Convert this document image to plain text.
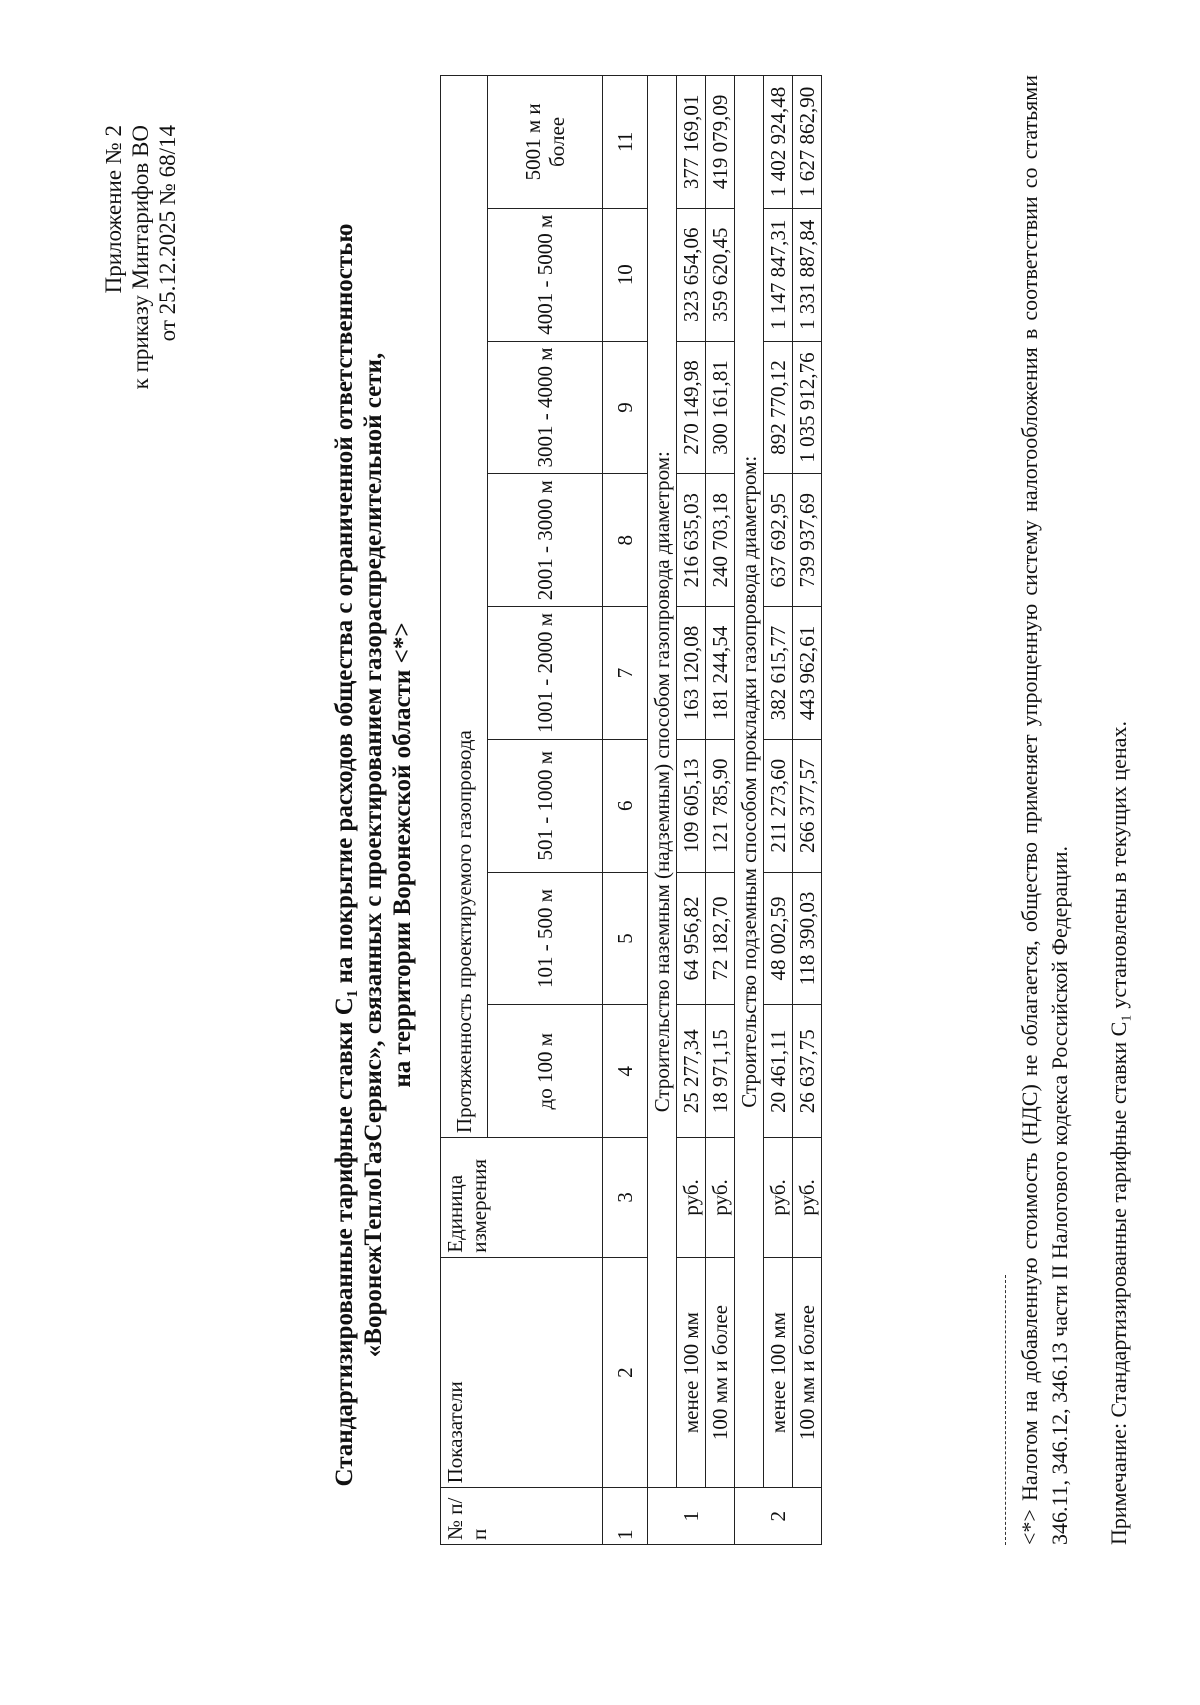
Приложение № 2 к приказу Минтарифов ВО от 25.12.2025 № 68/14	Стандартизированные тарифные ставки С₁ на покрытие расходов общества с ограниченной ответственностью «ВоронежТеплоГазСервис», связанных с проектированием газораспределительной сети, на территории Воронежской области <*>
№ п/п	Показатели	Единица измерения	Протяженность проектируемого газопровода							
			до 100 м	101 - 500 м	501 - 1000 м	1001 - 2000 м	2001 - 3000 м	3001 - 4000 м	4001 - 5000 м	5001 м и более
1	2	3	4	5	6	7	8	9	10	11
1	Строительство наземным (надземным) способом газопровода диаметром:									
	менее 100 мм	руб.	25 277,34	64 956,82	109 605,13	163 120,08	216 635,03	270 149,98	323 654,06	377 169,01
	100 мм и более	руб.	18 971,15	72 182,70	121 785,90	181 244,54	240 703,18	300 161,81	359 620,45	419 079,09
2	Строительство подземным способом прокладки газопровода диаметром:									
	менее 100 мм	руб.	20 461,11	48 002,59	211 273,60	382 615,77	637 692,95	892 770,12	1 147 847,31	1 402 924,48
	100 мм и более	руб.	26 637,75	118 390,03	266 377,57	443 962,61	739 937,69	1 035 912,76	1 331 887,84	1 627 862,90	<*> Налогом на добавленную стоимость (НДС) не облагается, общество применяет упрощенную систему налогообложения в соответствии со статьями 346.11, 346.12, 346.13 части II Налогового кодекса Российской Федерации. Примечание: Стандартизированные тарифные ставки С₁ установлены в текущих ценах.
